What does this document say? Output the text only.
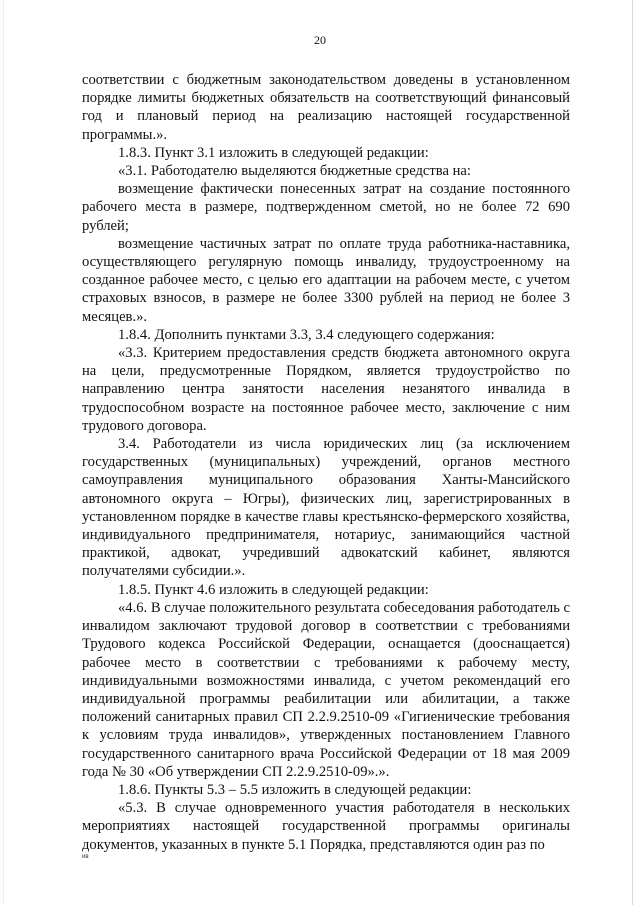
20

соответствии с бюджетным законодательством доведены в установленном порядке лимиты бюджетных обязательств на соответствующий финансовый год и плановый период на реализацию настоящей государственной программы.».

1.8.3. Пункт 3.1 изложить в следующей редакции:

«3.1. Работодателю выделяются бюджетные средства на:

возмещение фактически понесенных затрат на создание постоянного рабочего места в размере, подтвержденном сметой, но не более 72 690 рублей;

возмещение частичных затрат по оплате труда работника-наставника, осуществляющего регулярную помощь инвалиду, трудоустроенному на созданное рабочее место, с целью его адаптации на рабочем месте, с учетом страховых взносов, в размере не более 3300 рублей на период не более 3 месяцев.».

1.8.4. Дополнить пунктами 3.3, 3.4 следующего содержания:

«3.3. Критерием предоставления средств бюджета автономного округа на цели, предусмотренные Порядком, является трудоустройство по направлению центра занятости населения незанятого инвалида в трудоспособном возрасте на постоянное рабочее место, заключение с ним трудового договора.

3.4. Работодатели из числа юридических лиц (за исключением государственных (муниципальных) учреждений, органов местного самоуправления муниципального образования Ханты-Мансийского автономного округа – Югры), физических лиц, зарегистрированных в установленном порядке в качестве главы крестьянско-фермерского хозяйства, индивидуального предпринимателя, нотариус, занимающийся частной практикой, адвокат, учредивший адвокатский кабинет, являются получателями субсидии.».

1.8.5. Пункт 4.6 изложить в следующей редакции:

«4.6. В случае положительного результата собеседования работодатель с инвалидом заключают трудовой договор в соответствии с требованиями Трудового кодекса Российской Федерации, оснащается (дооснащается) рабочее место в соответствии с требованиями к рабочему месту, индивидуальными возможностями инвалида, с учетом рекомендаций его индивидуальной программы реабилитации или абилитации, а также положений санитарных правил СП 2.2.9.2510-09 «Гигиенические требования к условиям труда инвалидов», утвержденных постановлением Главного государственного санитарного врача Российской Федерации от 18 мая 2009 года № 30 «Об утверждении СП 2.2.9.2510-09».».

1.8.6. Пункты 5.3 – 5.5 изложить в следующей редакции:

«5.3. В случае одновременного участия работодателя в нескольких мероприятиях настоящей государственной программы оригиналы документов, указанных в пункте 5.1 Порядка, представляются один раз по

ив
